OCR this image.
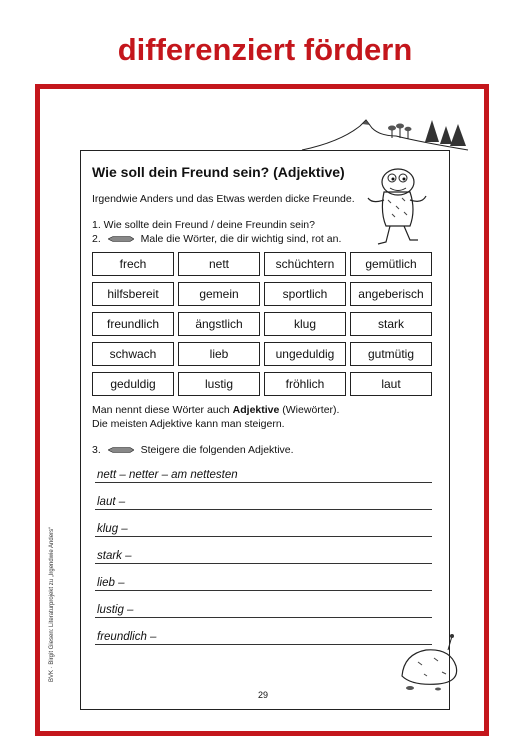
differenziert fördern
Wie soll dein Freund sein? (Adjektive)
Irgendwie Anders und das Etwas werden dicke Freunde.
1. Wie sollte dein Freund / deine Freundin sein?
2.	Male die Wörter, die dir wichtig sind, rot an.
frech	nett	schüchtern	gemütlich
hilfsbereit	gemein	sportlich	angeberisch
freundlich	ängstlich	klug	stark
schwach	lieb	ungeduldig	gutmütig
geduldig	lustig	fröhlich	laut
Man nennt diese Wörter auch Adjektive (Wiewörter).
Die meisten Adjektive kann man steigern.
3.	Steigere die folgenden Adjektive.
nett – netter – am nettesten
laut –
klug –
stark –
lieb –
lustig –
freundlich –
29
BVK · Birgit Giesen: Literaturprojekt zu „Irgendwie Anders“
